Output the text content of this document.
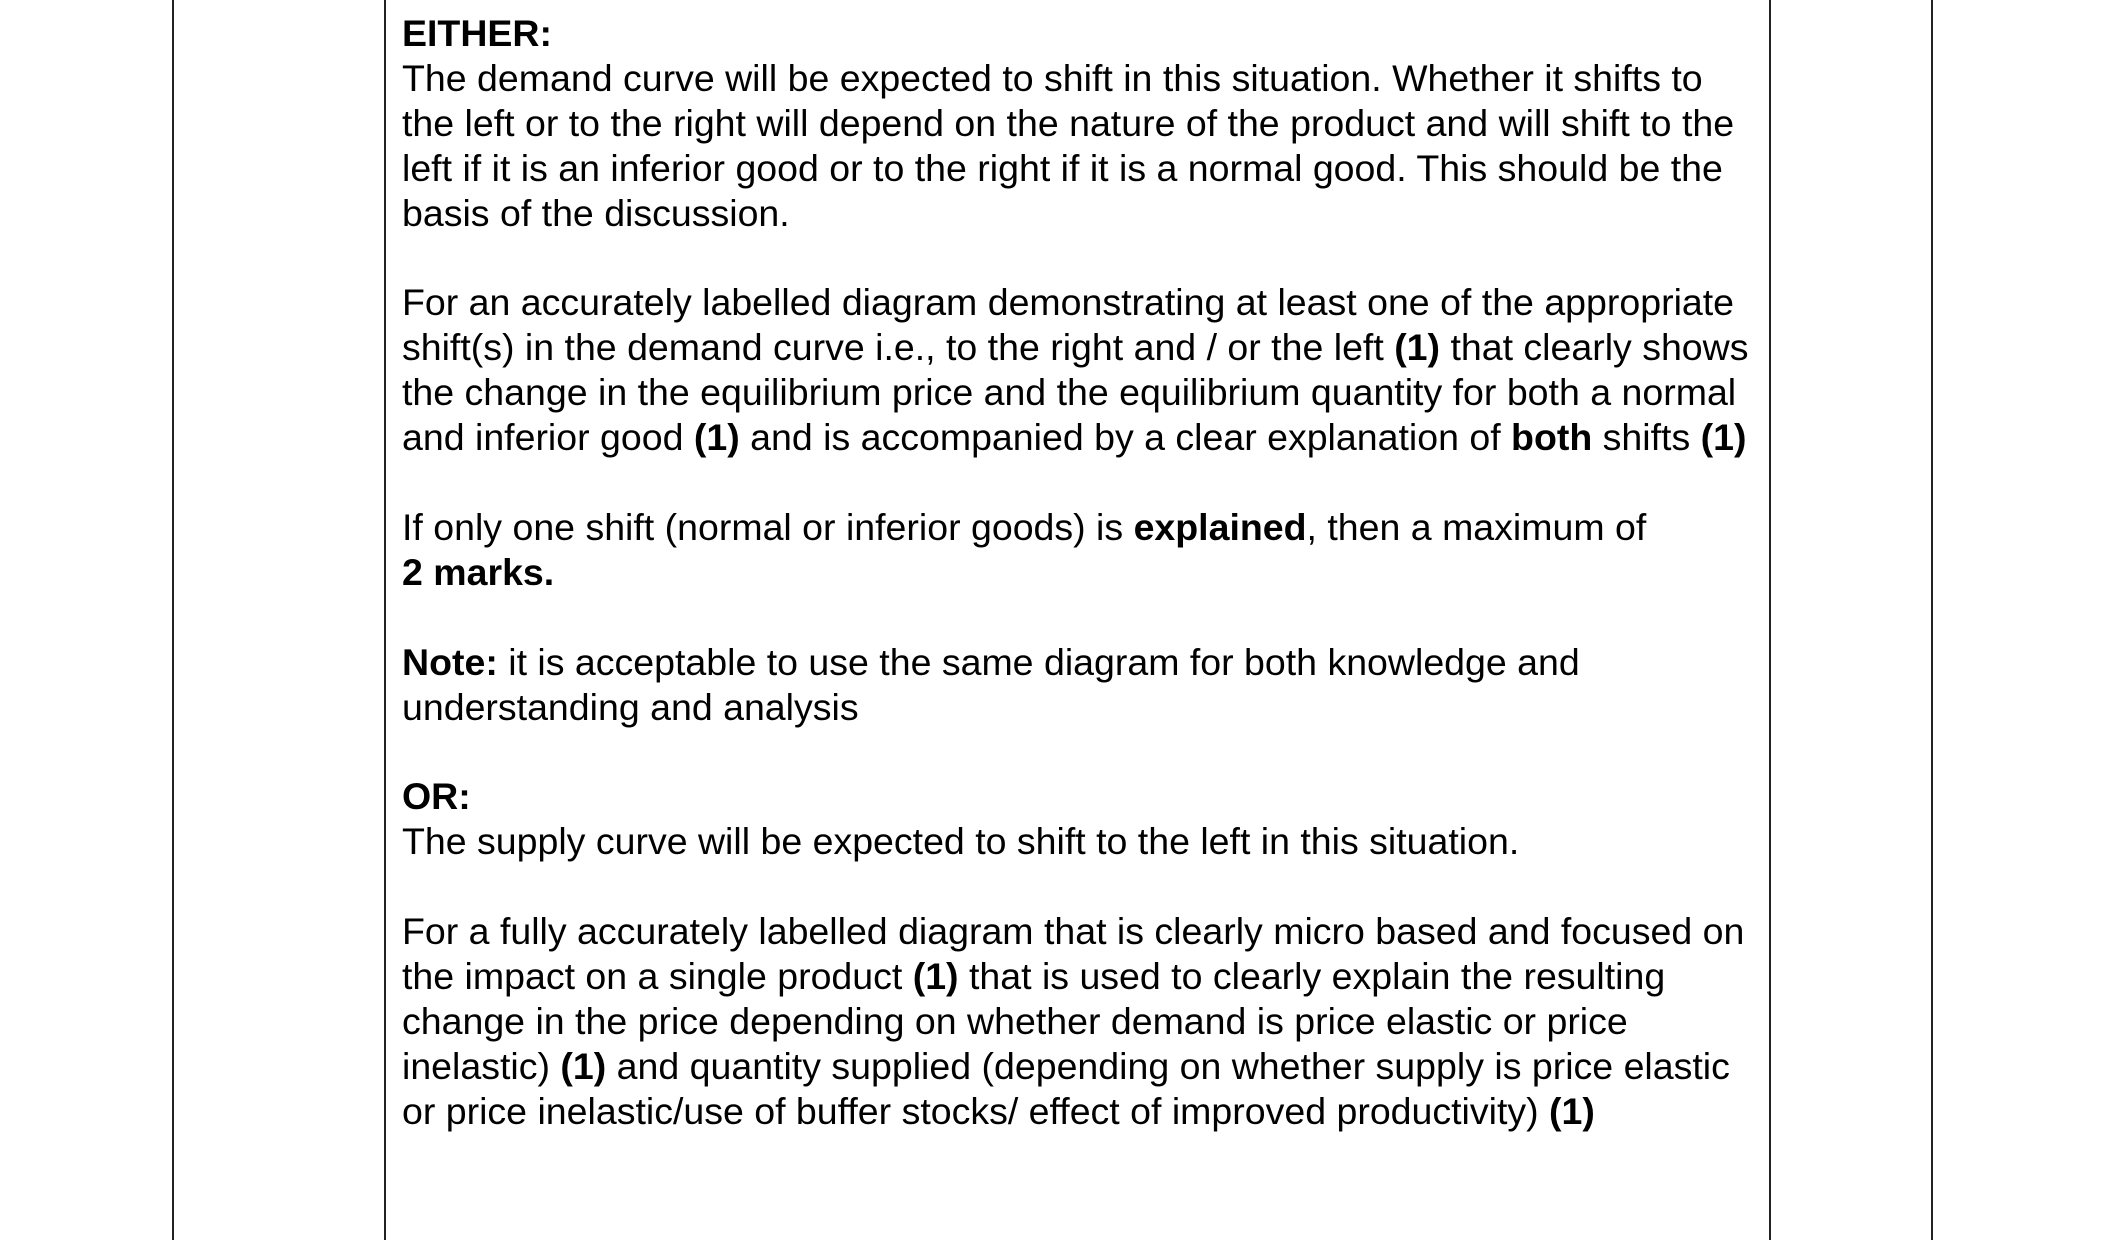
EITHER:

The demand curve will be expected to shift in this situation. Whether it shifts to the left or to the right will depend on the nature of the product and will shift to the left if it is an inferior good or to the right if it is a normal good. This should be the basis of the discussion.

For an accurately labelled diagram demonstrating at least one of the appropriate shift(s) in the demand curve i.e., to the right and / or the left (1) that clearly shows the change in the equilibrium price and the equilibrium quantity for both a normal and inferior good (1) and is accompanied by a clear explanation of both shifts (1)

If only one shift (normal or inferior goods) is explained, then a maximum of
2 marks.

Note: it is acceptable to use the same diagram for both knowledge and understanding and analysis

OR:

The supply curve will be expected to shift to the left in this situation.

For a fully accurately labelled diagram that is clearly micro based and focused on the impact on a single product (1) that is used to clearly explain the resulting change in the price depending on whether demand is price elastic or price inelastic) (1) and quantity supplied (depending on whether supply is price elastic or price inelastic/use of buffer stocks/ effect of improved productivity) (1)
